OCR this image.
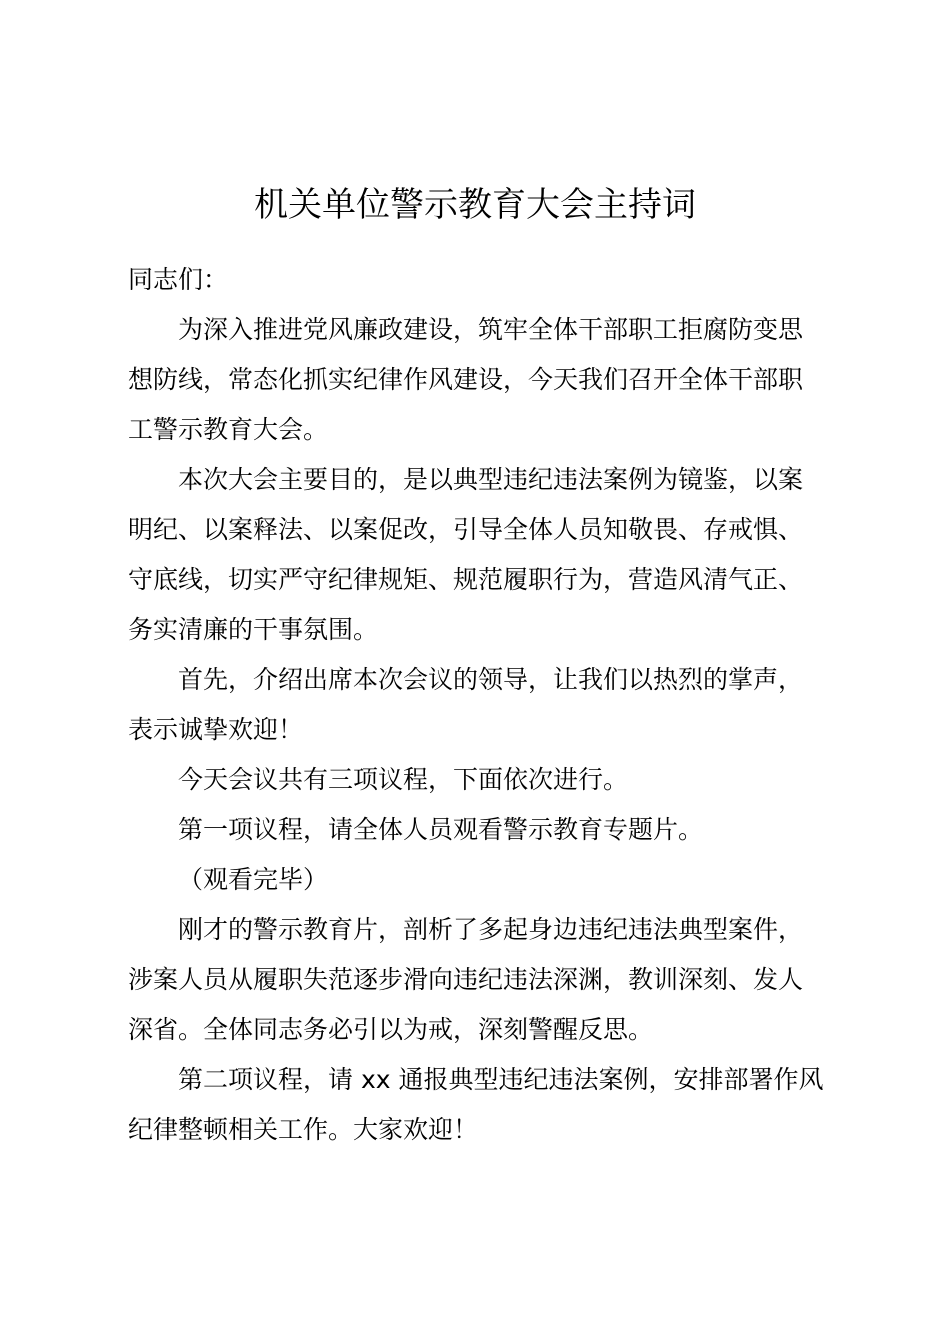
机关单位警示教育大会主持词
同志们：
为深入推进党风廉政建设，筑牢全体干部职工拒腐防变思
想防线，常态化抓实纪律作风建设，今天我们召开全体干部职
工警示教育大会。
本次大会主要目的，是以典型违纪违法案例为镜鉴，以案
明纪、以案释法、以案促改，引导全体人员知敬畏、存戒惧、
守底线，切实严守纪律规矩、规范履职行为，营造风清气正、
务实清廉的干事氛围。
首先，介绍出席本次会议的领导，让我们以热烈的掌声，
表示诚挚欢迎！
今天会议共有三项议程，下面依次进行。
第一项议程，请全体人员观看警示教育专题片。
（观看完毕）
刚才的警示教育片，剖析了多起身边违纪违法典型案件，
涉案人员从履职失范逐步滑向违纪违法深渊，教训深刻、发人
深省。全体同志务必引以为戒，深刻警醒反思。
第二项议程，请 xx 通报典型违纪违法案例，安排部署作风
纪律整顿相关工作。大家欢迎！
